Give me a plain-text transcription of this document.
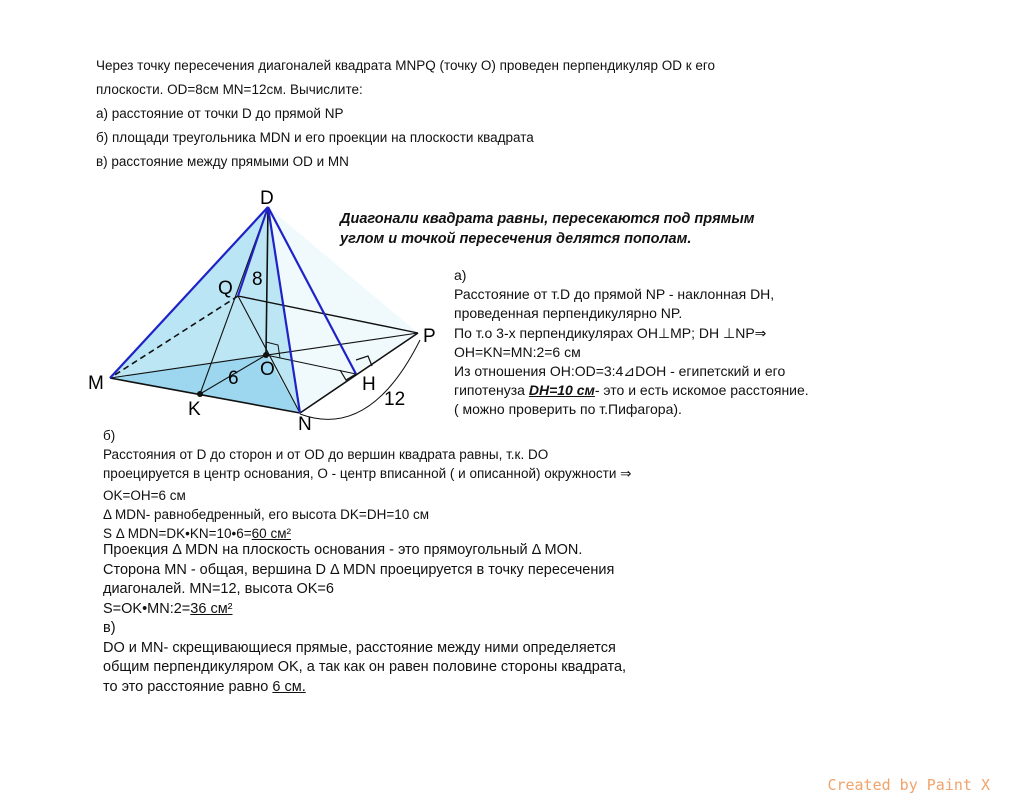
Через точку пересечения диагоналей квадрата MNPQ (точку О) проведен перпендикуляр OD к его
плоскости. OD=8см MN=12см. Вычислите:
а) расстояние от точки D до прямой NP
б) площади треугольника MDN и его проекции на плоскости квадрата
в) расстояние между прямыми OD и MN
D
Q
P
M
O
K
N
H
8
6
12
Диагонали квадрата равны, пересекаются под прямым
углом и точкой пересечения делятся пополам.
а)
Расстояние от т.D до прямой NP - наклонная DH,
проведенная перпендикулярно NP.
По т.о 3-х перпендикулярах OH⊥MP; DH ⊥NP⇒
OH=KN=MN:2=6 см
Из отношения OH:OD=3:4⊿DOH - египетский и его
гипотенуза DH=10 см- это и есть искомое расстояние.
( можно проверить по т.Пифагора).
б)
Расстояния от D до сторон и от OD до вершин квадрата равны, т.к. DO
проецируется в центр основания, О - центр вписанной ( и описанной) окружности ⇒
OK=OH=6 см
Δ MDN- равнобедренный, его высота DK=DH=10 см
S Δ MDN=DK•KN=10•6=60 см²
Проекция Δ MDN на плоскость основания - это прямоугольный Δ MON.
Сторона MN - общая, вершина D Δ MDN проецируется в точку пересечения
диагоналей. MN=12, высота OK=6
S=OK•MN:2=36 см²
в)
DO и MN- скрещивающиеся прямые, расстояние между ними определяется
общим перпендикуляром OK, а так как он равен половине стороны квадрата,
то это расстояние равно 6 см.
Created by Paint X
